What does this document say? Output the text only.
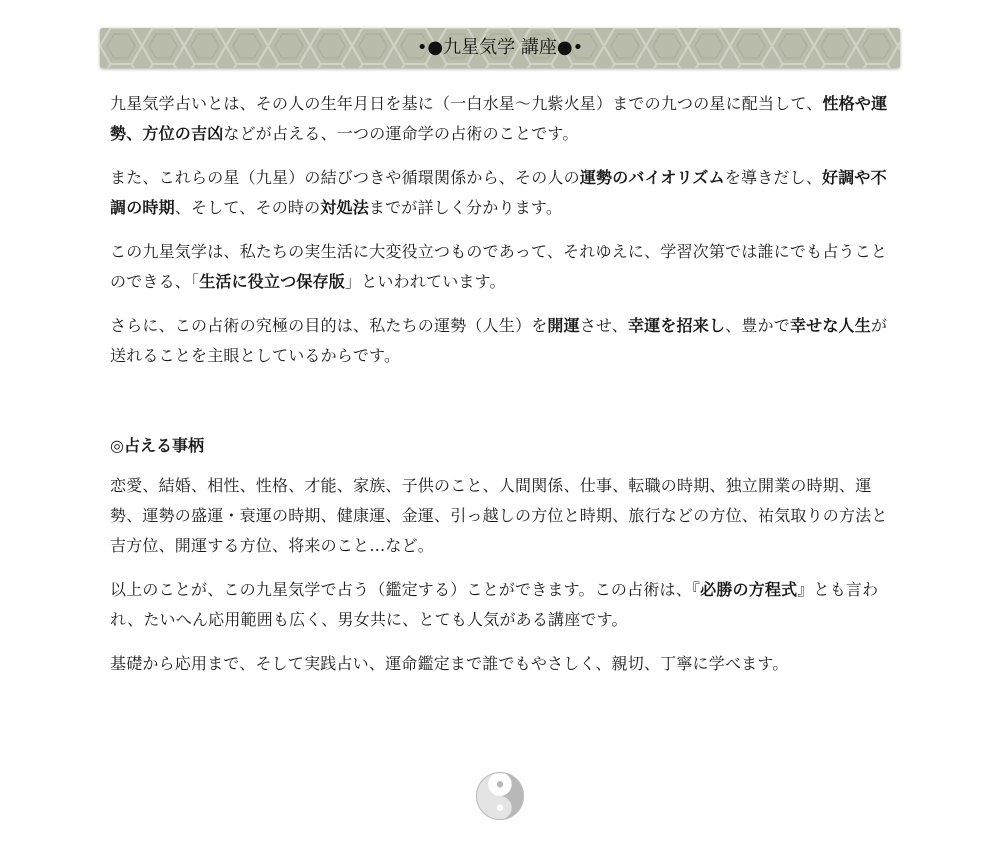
•●九星気学 講座●•

九星気学占いとは、その人の生年月日を基に（一白水星～九紫火星）までの九つの星に配当して、性格や運勢、方位の吉凶などが占える、一つの運命学の占術のことです。

また、これらの星（九星）の結びつきや循環関係から、その人の運勢のバイオリズムを導きだし、好調や不調の時期、そして、その時の対処法までが詳しく分かります。

この九星気学は、私たちの実生活に大変役立つものであって、それゆえに、学習次第では誰にでも占うことのできる、「生活に役立つ保存版」といわれています。

さらに、この占術の究極の目的は、私たちの運勢（人生）を開運させ、幸運を招来し、豊かで幸せな人生が送れることを主眼としているからです。

◎占える事柄

恋愛、結婚、相性、性格、才能、家族、子供のこと、人間関係、仕事、転職の時期、独立開業の時期、運勢、運勢の盛運・衰運の時期、健康運、金運、引っ越しの方位と時期、旅行などの方位、祐気取りの方法と吉方位、開運する方位、将来のこと…など。

以上のことが、この九星気学で占う（鑑定する）ことができます。この占術は、『必勝の方程式』とも言われ、たいへん応用範囲も広く、男女共に、とても人気がある講座です。

基礎から応用まで、そして実践占い、運命鑑定まで誰でもやさしく、親切、丁寧に学べます。
